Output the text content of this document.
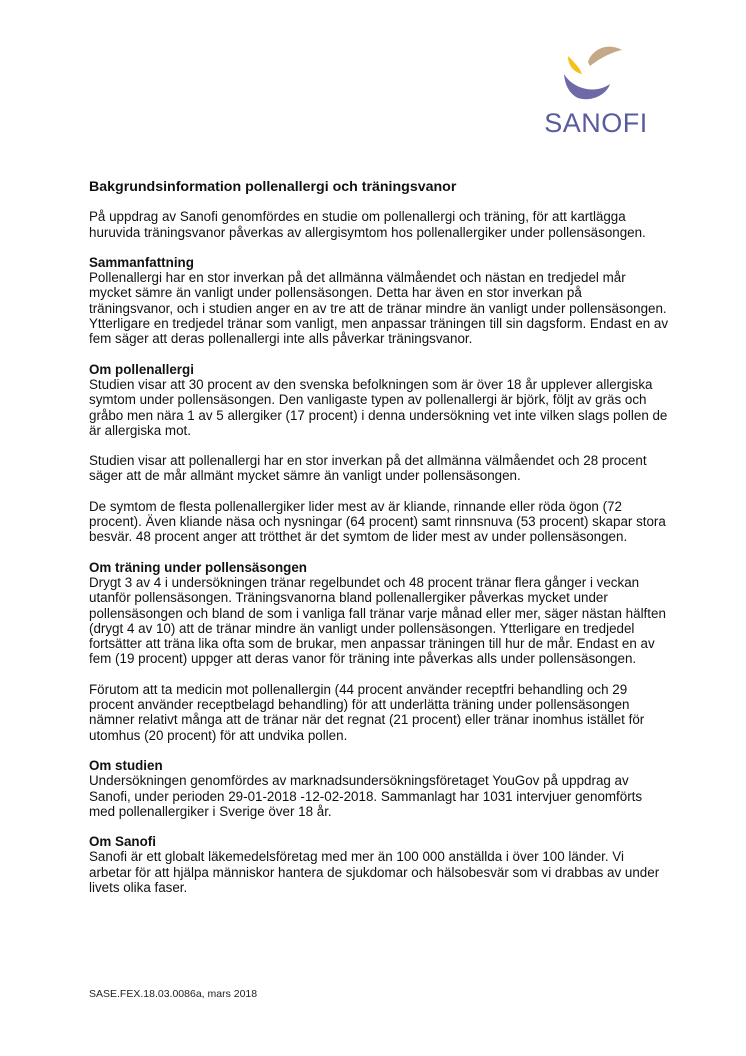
SANOFI
Bakgrundsinformation pollenallergi och träningsvanor

På uppdrag av Sanofi genomfördes en studie om pollenallergi och träning, för att kartlägga huruvida träningsvanor påverkas av allergisymtom hos pollenallergiker under pollensäsongen.

Sammanfattning

Pollenallergi har en stor inverkan på det allmänna välmåendet och nästan en tredjedel mår mycket sämre än vanligt under pollensäsongen. Detta har även en stor inverkan på träningsvanor, och i studien anger en av tre att de tränar mindre än vanligt under pollensäsongen. Ytterligare en tredjedel tränar som vanligt, men anpassar träningen till sin dagsform. Endast en av fem säger att deras pollenallergi inte alls påverkar träningsvanor.

Om pollenallergi

Studien visar att 30 procent av den svenska befolkningen som är över 18 år upplever allergiska symtom under pollensäsongen. Den vanligaste typen av pollenallergi är björk, följt av gräs och gråbo men nära 1 av 5 allergiker (17 procent) i denna undersökning vet inte vilken slags pollen de är allergiska mot.

Studien visar att pollenallergi har en stor inverkan på det allmänna välmåendet och 28 procent säger att de mår allmänt mycket sämre än vanligt under pollensäsongen.

De symtom de flesta pollenallergiker lider mest av är kliande, rinnande eller röda ögon (72 procent). Även kliande näsa och nysningar (64 procent) samt rinnsnuva (53 procent) skapar stora besvär. 48 procent anger att trötthet är det symtom de lider mest av under pollensäsongen.

Om träning under pollensäsongen

Drygt 3 av 4 i undersökningen tränar regelbundet och 48 procent tränar flera gånger i veckan utanför pollensäsongen. Träningsvanorna bland pollenallergiker påverkas mycket under pollensäsongen och bland de som i vanliga fall tränar varje månad eller mer, säger nästan hälften (drygt 4 av 10) att de tränar mindre än vanligt under pollensäsongen. Ytterligare en tredjedel fortsätter att träna lika ofta som de brukar, men anpassar träningen till hur de mår. Endast en av fem (19 procent) uppger att deras vanor för träning inte påverkas alls under pollensäsongen.

Förutom att ta medicin mot pollenallergin (44 procent använder receptfri behandling och 29 procent använder receptbelagd behandling) för att underlätta träning under pollensäsongen nämner relativt många att de tränar när det regnat (21 procent) eller tränar inomhus istället för utomhus (20 procent) för att undvika pollen.

Om studien

Undersökningen genomfördes av marknadsundersökningsföretaget YouGov på uppdrag av Sanofi, under perioden 29-01-2018 -12-02-2018. Sammanlagt har 1031 intervjuer genomförts med pollenallergiker i Sverige över 18 år.

Om Sanofi

Sanofi är ett globalt läkemedelsföretag med mer än 100 000 anställda i över 100 länder. Vi arbetar för att hjälpa människor hantera de sjukdomar och hälsobesvär som vi drabbas av under livets olika faser.

SASE.FEX.18.03.0086a, mars 2018
